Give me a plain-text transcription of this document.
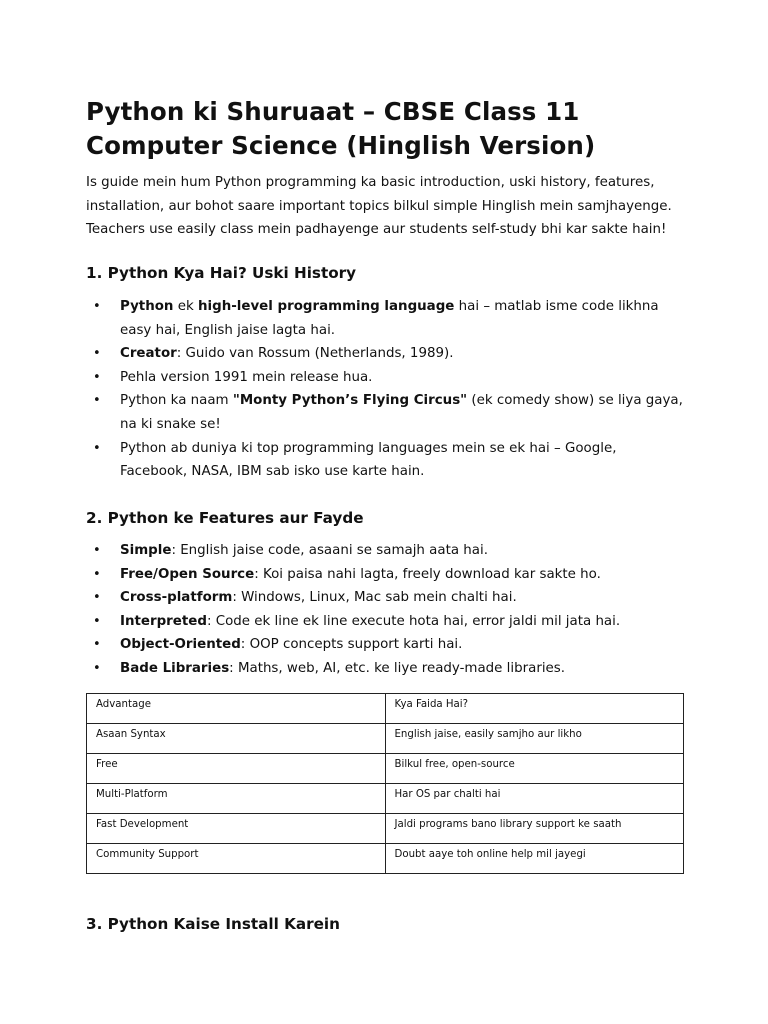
Python ki Shuruaat – CBSE Class 11 Computer Science (Hinglish Version)

Is guide mein hum Python programming ka basic introduction, uski history, features, installation, aur bohot saare important topics bilkul simple Hinglish mein samjhayenge. Teachers use easily class mein padhayenge aur students self-study bhi kar sakte hain!

1. Python Kya Hai? Uski History
• Python ek high-level programming language hai – matlab isme code likhna easy hai, English jaise lagta hai.
• Creator: Guido van Rossum (Netherlands, 1989).
• Pehla version 1991 mein release hua.
• Python ka naam "Monty Python’s Flying Circus" (ek comedy show) se liya gaya, na ki snake se!
• Python ab duniya ki top programming languages mein se ek hai – Google, Facebook, NASA, IBM sab isko use karte hain.
2. Python ke Features aur Fayde
• Simple: English jaise code, asaani se samajh aata hai.
• Free/Open Source: Koi paisa nahi lagta, freely download kar sakte ho.
• Cross-platform: Windows, Linux, Mac sab mein chalti hai.
• Interpreted: Code ek line ek line execute hota hai, error jaldi mil jata hai.
• Object-Oriented: OOP concepts support karti hai.
• Bade Libraries: Maths, web, AI, etc. ke liye ready-made libraries.
Advantage	Kya Faida Hai?
Asaan Syntax	English jaise, easily samjho aur likho
Free	Bilkul free, open-source
Multi-Platform	Har OS par chalti hai
Fast Development	Jaldi programs bano library support ke saath
Community Support	Doubt aaye toh online help mil jayegi
3. Python Kaise Install Karein
